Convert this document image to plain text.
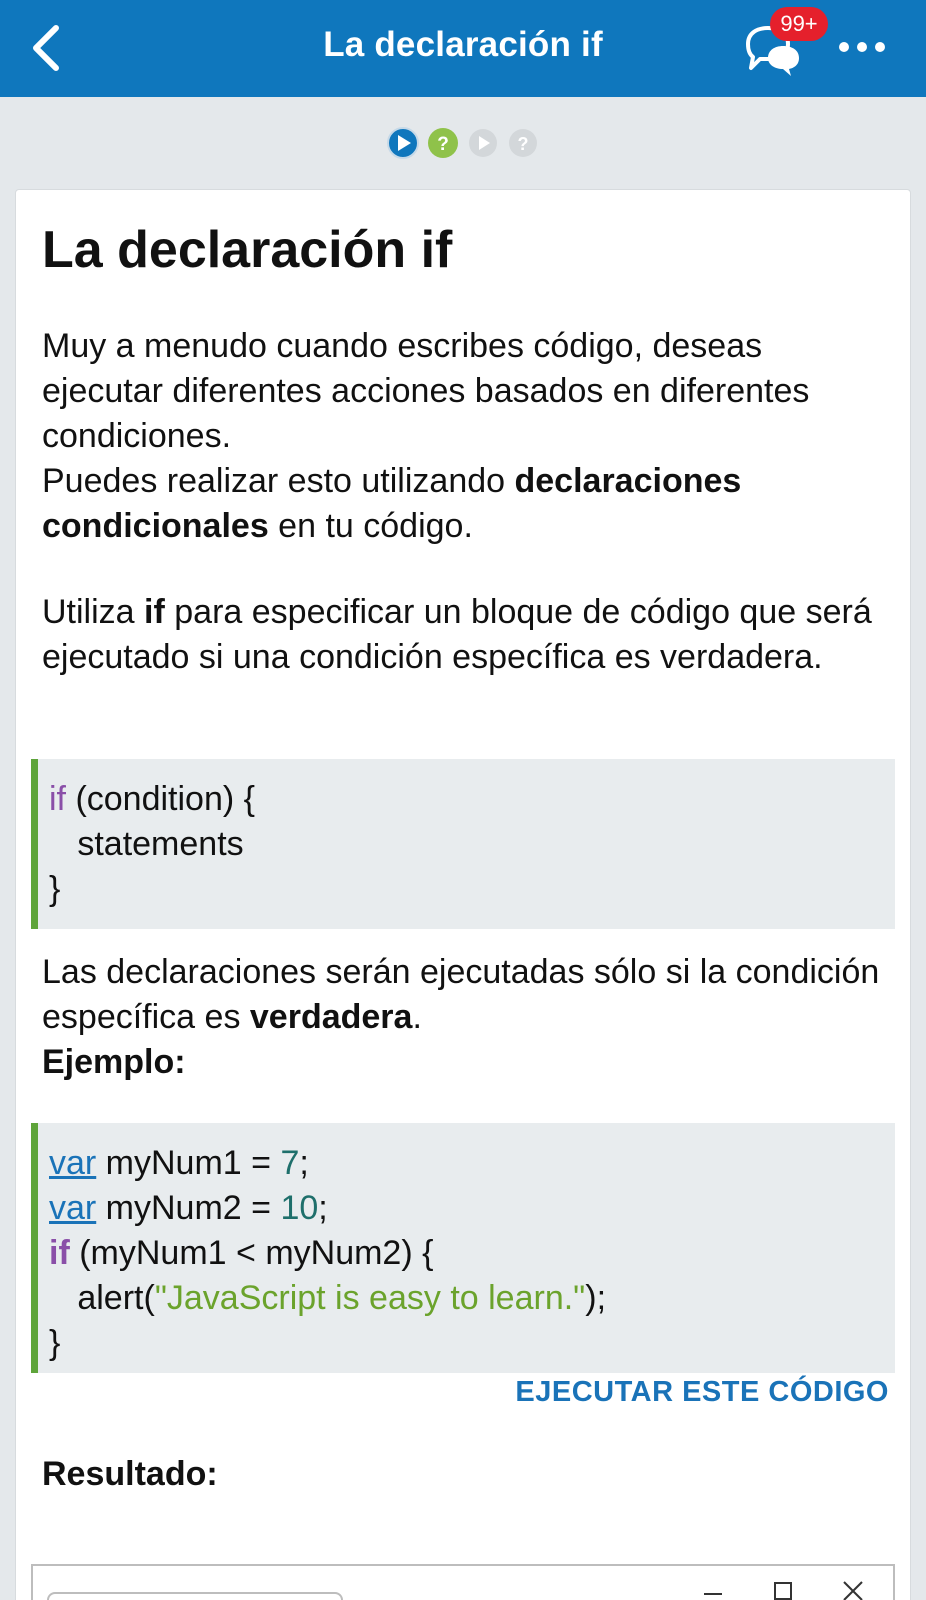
La declaración if
99+
?	?
La declaración if
Muy a menudo cuando escribes código, deseas ejecutar diferentes acciones basados en diferentes condiciones.
Puedes realizar esto utilizando declaraciones condicionales en tu código.
Utiliza if para especificar un bloque de código que será ejecutado si una condición específica es verdadera.
if (condition) {
statements
}
Las declaraciones serán ejecutadas sólo si la condición específica es verdadera.
Ejemplo:
var myNum1 = 7;
var myNum2 = 10;
if (myNum1 < myNum2) {
alert("JavaScript is easy to learn.");
}
EJECUTAR ESTE CÓDIGO
Resultado:
